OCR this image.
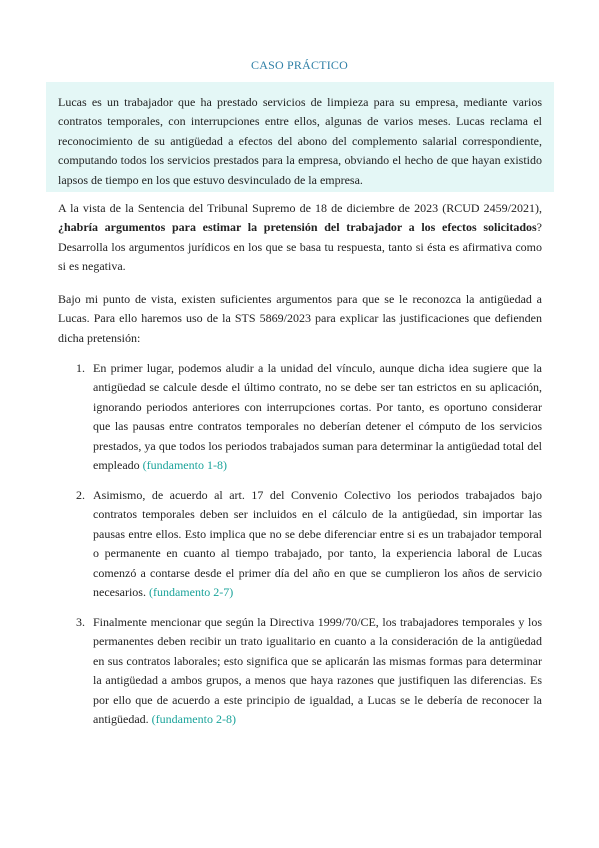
CASO PRÁCTICO
Lucas es un trabajador que ha prestado servicios de limpieza para su empresa, mediante varios contratos temporales, con interrupciones entre ellos, algunas de varios meses. Lucas reclama el reconocimiento de su antigüedad a efectos del abono del complemento salarial correspondiente, computando todos los servicios prestados para la empresa, obviando el hecho de que hayan existido lapsos de tiempo en los que estuvo desvinculado de la empresa.

A la vista de la Sentencia del Tribunal Supremo de 18 de diciembre de 2023 (RCUD 2459/2021), ¿habría argumentos para estimar la pretensión del trabajador a los efectos solicitados? Desarrolla los argumentos jurídicos en los que se basa tu respuesta, tanto si ésta es afirmativa como si es negativa.

Bajo mi punto de vista, existen suficientes argumentos para que se le reconozca la antigüedad a Lucas. Para ello haremos uso de la STS 5869/2023 para explicar las justificaciones que defienden dicha pretensión:

1. En primer lugar, podemos aludir a la unidad del vínculo, aunque dicha idea sugiere que la antigüedad se calcule desde el último contrato, no se debe ser tan estrictos en su aplicación, ignorando periodos anteriores con interrupciones cortas. Por tanto, es oportuno considerar que las pausas entre contratos temporales no deberían detener el cómputo de los servicios prestados, ya que todos los periodos trabajados suman para determinar la antigüedad total del empleado (fundamento 1-8)
2. Asimismo, de acuerdo al art. 17 del Convenio Colectivo los periodos trabajados bajo contratos temporales deben ser incluidos en el cálculo de la antigüedad, sin importar las pausas entre ellos. Esto implica que no se debe diferenciar entre si es un trabajador temporal o permanente en cuanto al tiempo trabajado, por tanto, la experiencia laboral de Lucas comenzó a contarse desde el primer día del año en que se cumplieron los años de servicio necesarios. (fundamento 2-7)
3. Finalmente mencionar que según la Directiva 1999/70/CE, los trabajadores temporales y los permanentes deben recibir un trato igualitario en cuanto a la consideración de la antigüedad en sus contratos laborales; esto significa que se aplicarán las mismas formas para determinar la antigüedad a ambos grupos, a menos que haya razones que justifiquen las diferencias. Es por ello que de acuerdo a este principio de igualdad, a Lucas se le debería de reconocer la antigüedad. (fundamento 2-8)
